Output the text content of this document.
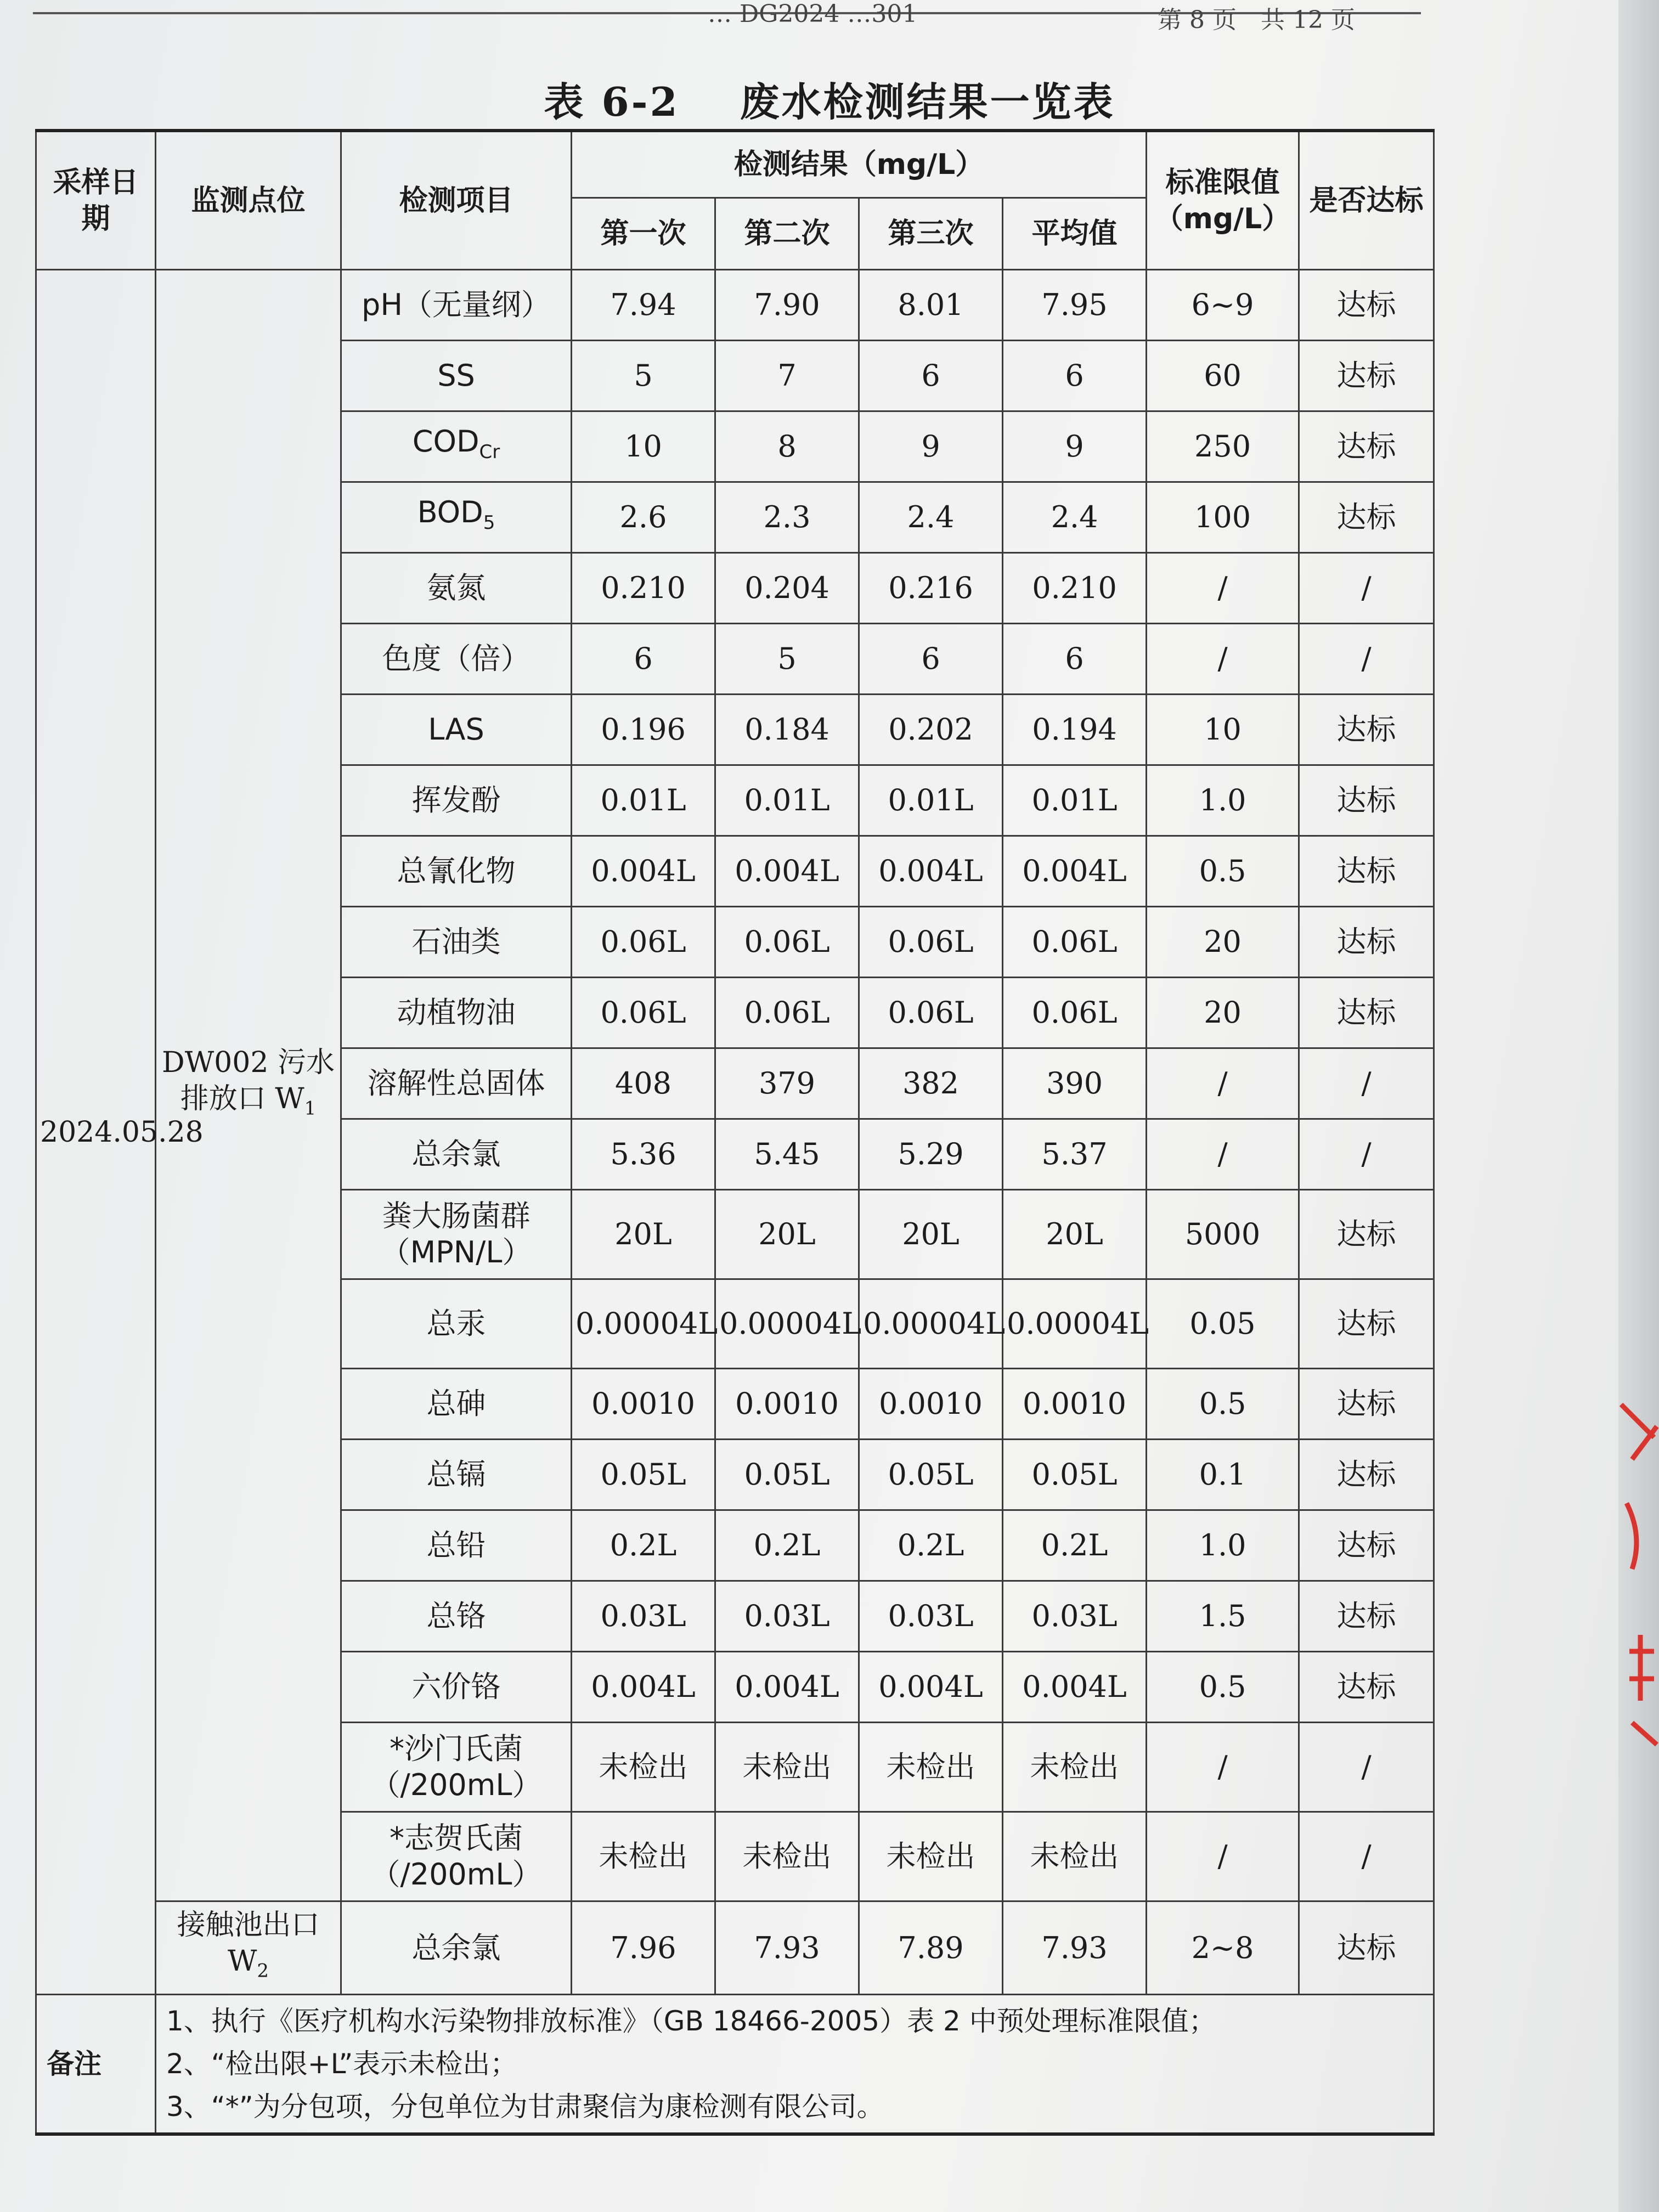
… DG2024 …301	第 8 页　共 12 页
表 6-2 废水检测结果一览表
采样日期	监测点位	检测项目	检测结果（mg/L）				标准限值（mg/L）	是否达标
			第一次	第二次	第三次	平均值		
2024.05.28	DW002 污水排放口 $W_1$	pH（无量纲）	7.94	7.90	8.01	7.95	6~9	达标
		SS	5	7	6	6	60	达标
		$COD_{Cr}$	10	8	9	9	250	达标
		$BOD_5$	2.6	2.3	2.4	2.4	100	达标
		氨氮	0.210	0.204	0.216	0.210	/	/
		色度（倍）	6	5	6	6	/	/
		LAS	0.196	0.184	0.202	0.194	10	达标
		挥发酚	0.01L	0.01L	0.01L	0.01L	1.0	达标
		总氰化物	0.004L	0.004L	0.004L	0.004L	0.5	达标
		石油类	0.06L	0.06L	0.06L	0.06L	20	达标
		动植物油	0.06L	0.06L	0.06L	0.06L	20	达标
		溶解性总固体	408	379	382	390	/	/
		总余氯	5.36	5.45	5.29	5.37	/	/
		粪大肠菌群（MPN/L）	20L	20L	20L	20L	5000	达标
		总汞	0.00004L	0.00004L	0.00004L	0.00004L	0.05	达标
		总砷	0.0010	0.0010	0.0010	0.0010	0.5	达标
		总镉	0.05L	0.05L	0.05L	0.05L	0.1	达标
		总铅	0.2L	0.2L	0.2L	0.2L	1.0	达标
		总铬	0.03L	0.03L	0.03L	0.03L	1.5	达标
		六价铬	0.004L	0.004L	0.004L	0.004L	0.5	达标
		*沙门氏菌（/200mL）	未检出	未检出	未检出	未检出	/	/
		*志贺氏菌（/200mL）	未检出	未检出	未检出	未检出	/	/
	接触池出口 $W_2$	总余氯	7.96	7.93	7.89	7.93	2~8	达标
备注	1、执行《医疗机构水污染物排放标准》（GB 18466-2005）表 2 中预处理标准限值；
2、“检出限+L”表示未检出；
3、“*”为分包项，分包单位为甘肃聚信为康检测有限公司。							
